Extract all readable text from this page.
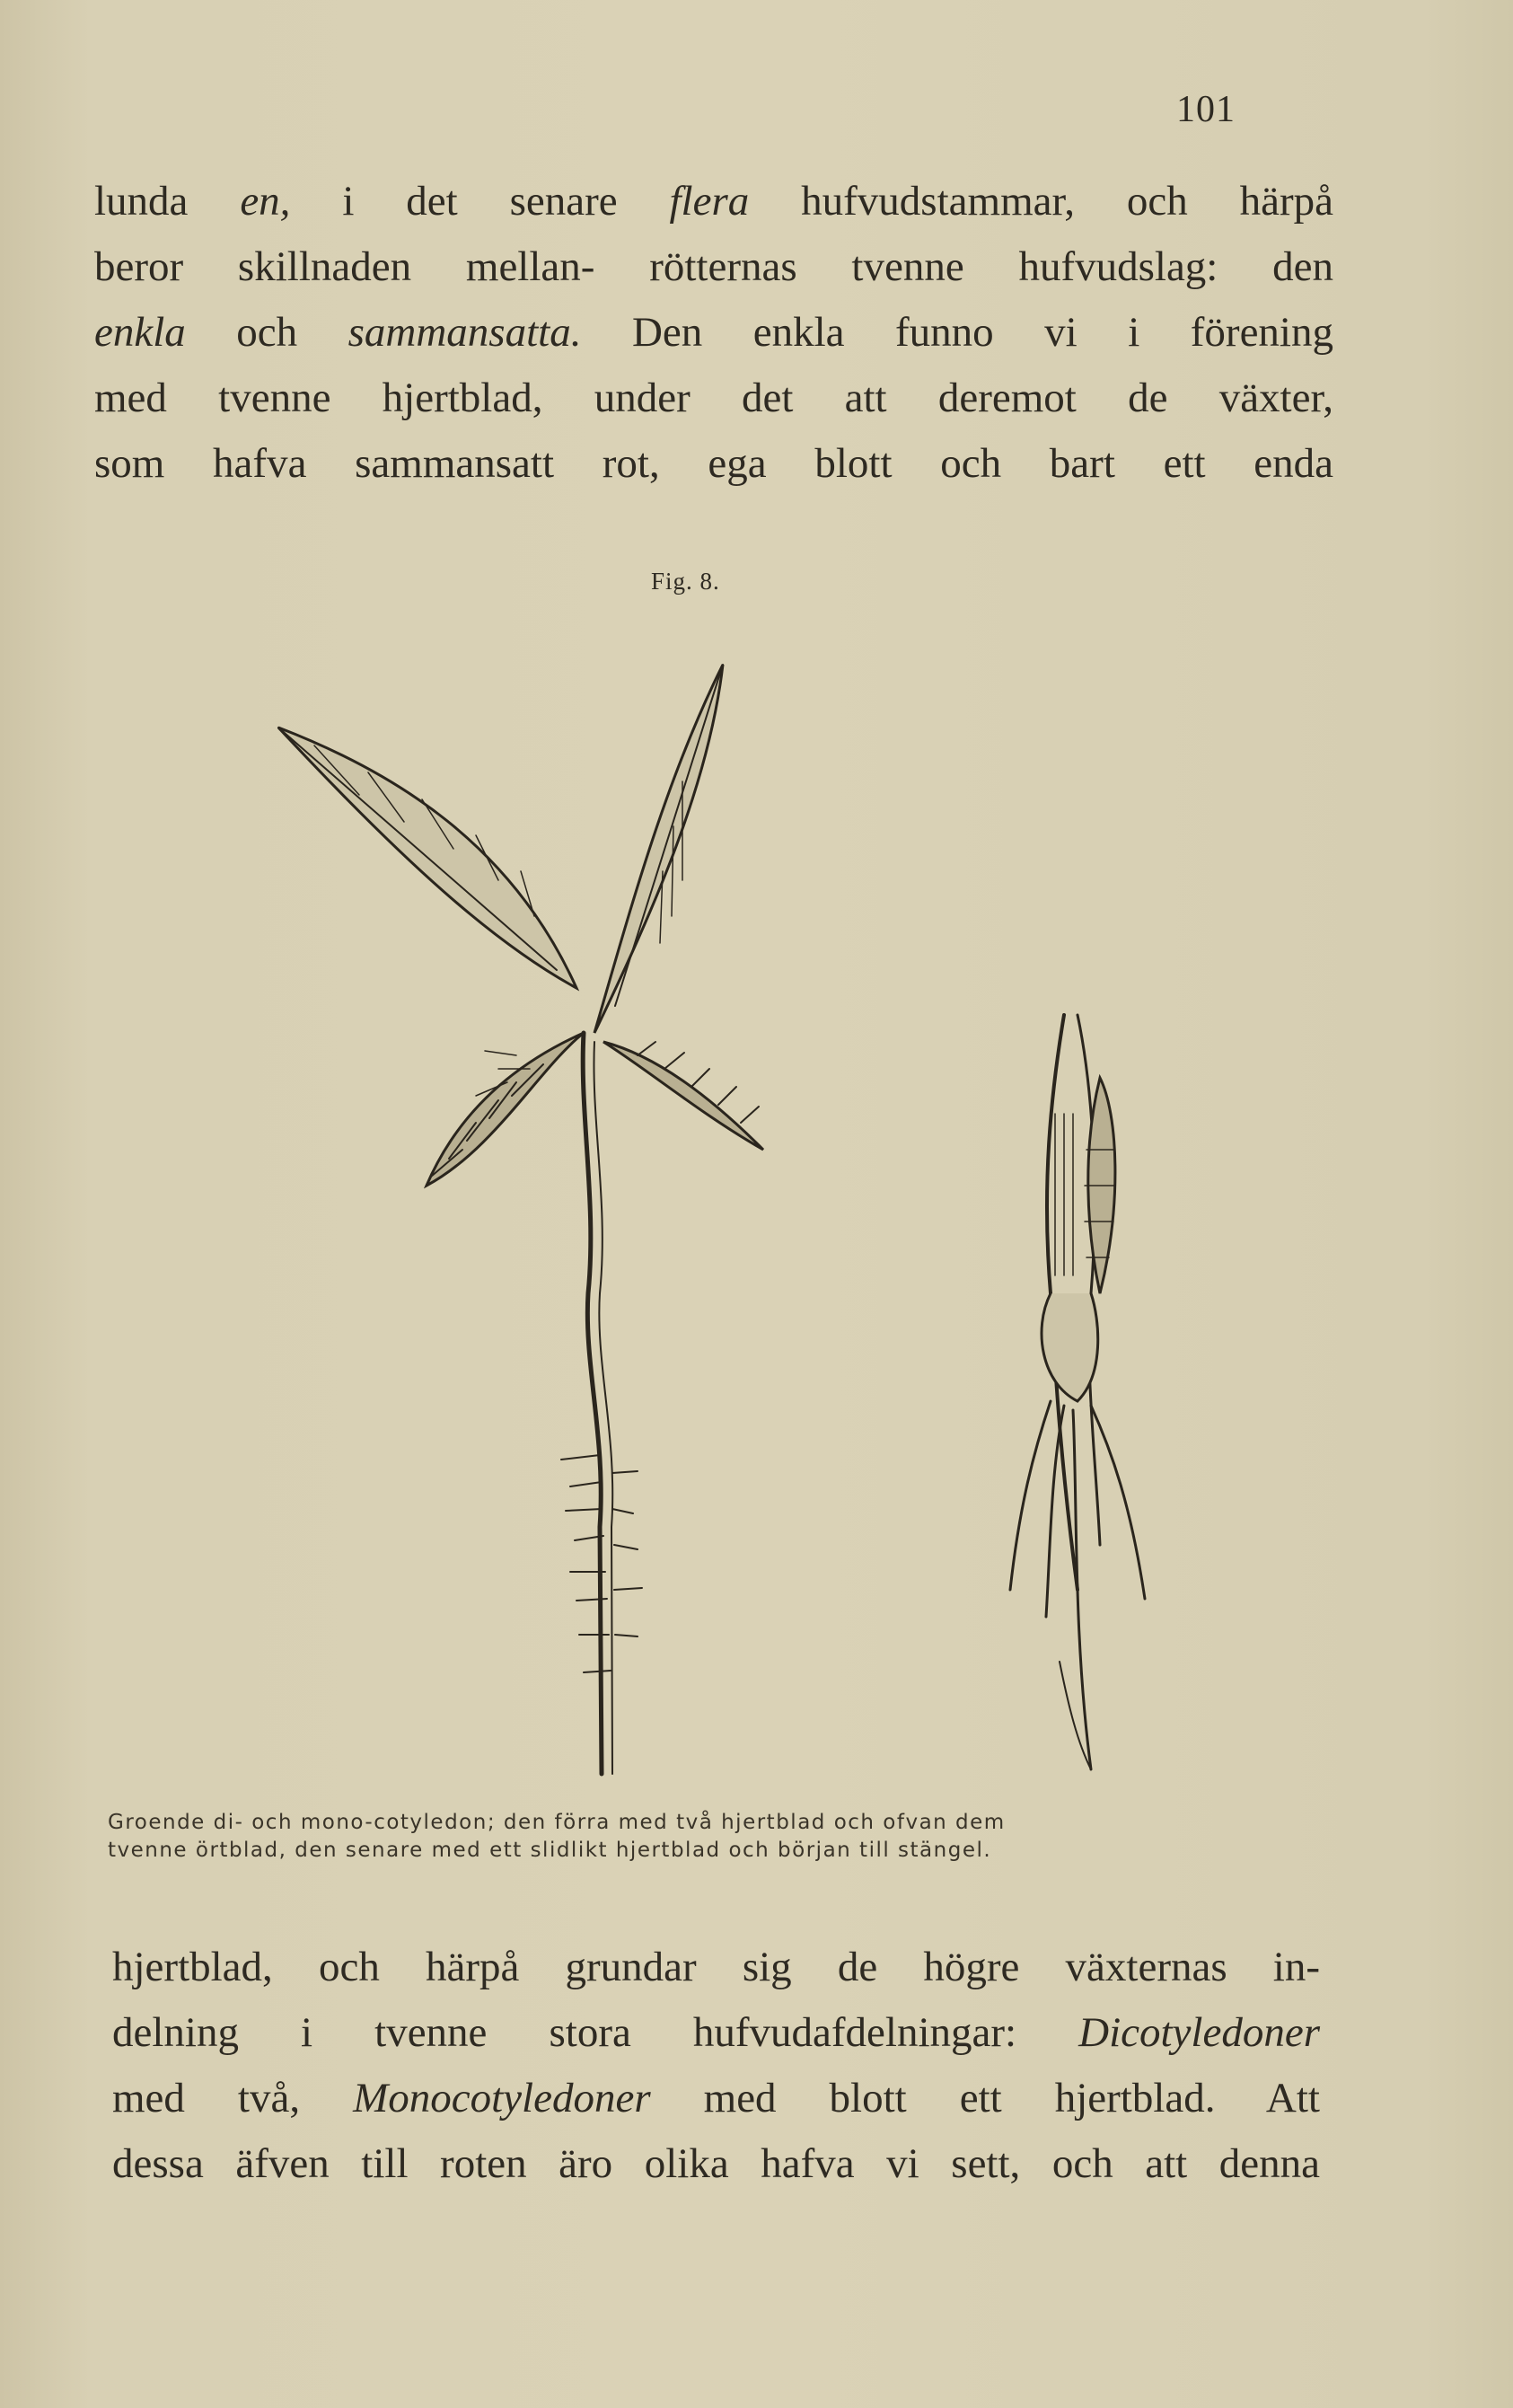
101
lunda en, i det senare flera hufvudstammar, och härpå
beror skillnaden mellan- rötternas tvenne hufvudslag: den
enkla och sammansatta. Den enkla funno vi i förening
med tvenne hjertblad, under det att deremot de växter,
som hafva sammansatt rot, ega blott och bart ett enda
Fig. 8.
Groende di- och mono-cotyledon; den förra med två hjertblad och ofvan dem
tvenne örtblad, den senare med ett slidlikt hjertblad och början till stängel.
hjertblad, och härpå grundar sig de högre växternas in-
delning i tvenne stora hufvudafdelningar: Dicotyledoner
med två, Monocotyledoner med blott ett hjertblad. Att
dessa äfven till roten äro olika hafva vi sett, och att denna
